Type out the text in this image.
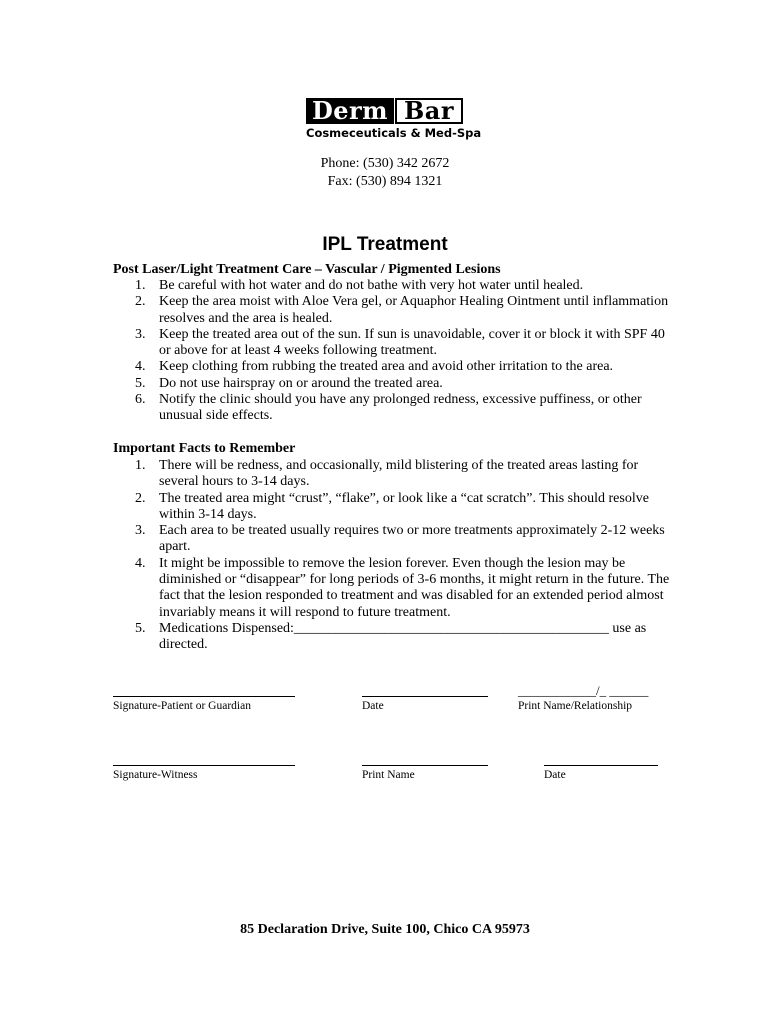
Derm Bar
Cosmeceuticals & Med-Spa
Phone: (530) 342 2672
Fax: (530) 894 1321
IPL Treatment
Post Laser/Light Treatment Care – Vascular / Pigmented Lesions
1. Be careful with hot water and do not bathe with very hot water until healed.
2. Keep the area moist with Aloe Vera gel, or Aquaphor Healing Ointment until inflammation resolves and the area is healed.
3. Keep the treated area out of the sun. If sun is unavoidable, cover it or block it with SPF 40 or above for at least 4 weeks following treatment.
4. Keep clothing from rubbing the treated area and avoid other irritation to the area.
5. Do not use hairspray on or around the treated area.
6. Notify the clinic should you have any prolonged redness, excessive puffiness, or other unusual side effects.
Important Facts to Remember
1. There will be redness, and occasionally, mild blistering of the treated areas lasting for several hours to 3-14 days.
2. The treated area might “crust”, “flake”, or look like a “cat scratch”. This should resolve within 3-14 days.
3. Each area to be treated usually requires two or more treatments approximately 2-12 weeks apart.
4. It might be impossible to remove the lesion forever. Even though the lesion may be diminished or “disappear” for long periods of 3-6 months, it might return in the future. The fact that the lesion responded to treatment and was disabled for an extended period almost invariably means it will respond to future treatment.
5. Medications Dispensed:_____________________________________________ use as directed.
Signature-Patient or Guardian	Date
____________/_ ______
Print Name/Relationship
Signature-Witness	Print Name	Date
85 Declaration Drive, Suite 100, Chico CA 95973
